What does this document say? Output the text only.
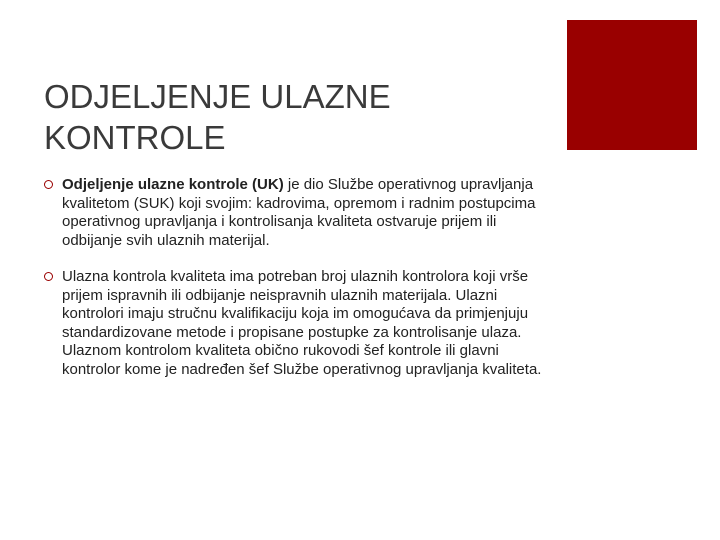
ODJELJENJE ULAZNE
KONTROLE
Odjeljenje ulazne kontrole (UK) je dio Službe operativnog upravljanja kvalitetom (SUK) koji svojim: kadrovima, opremom i radnim postupcima operativnog upravljanja i kontrolisanja kvaliteta ostvaruje prijem ili odbijanje svih ulaznih materijal.
Ulazna kontrola kvaliteta ima potreban broj ulaznih kontrolora koji vrše prijem ispravnih ili odbijanje neispravnih ulaznih materijala. Ulazni kontrolori imaju stručnu kvalifikaciju koja im omogućava da primjenjuju standardizovane metode i propisane postupke za kontrolisanje ulaza. Ulaznom kontrolom kvaliteta obično rukovodi šef kontrole ili glavni kontrolor kome je nadređen šef Službe operativnog upravljanja kvaliteta.
